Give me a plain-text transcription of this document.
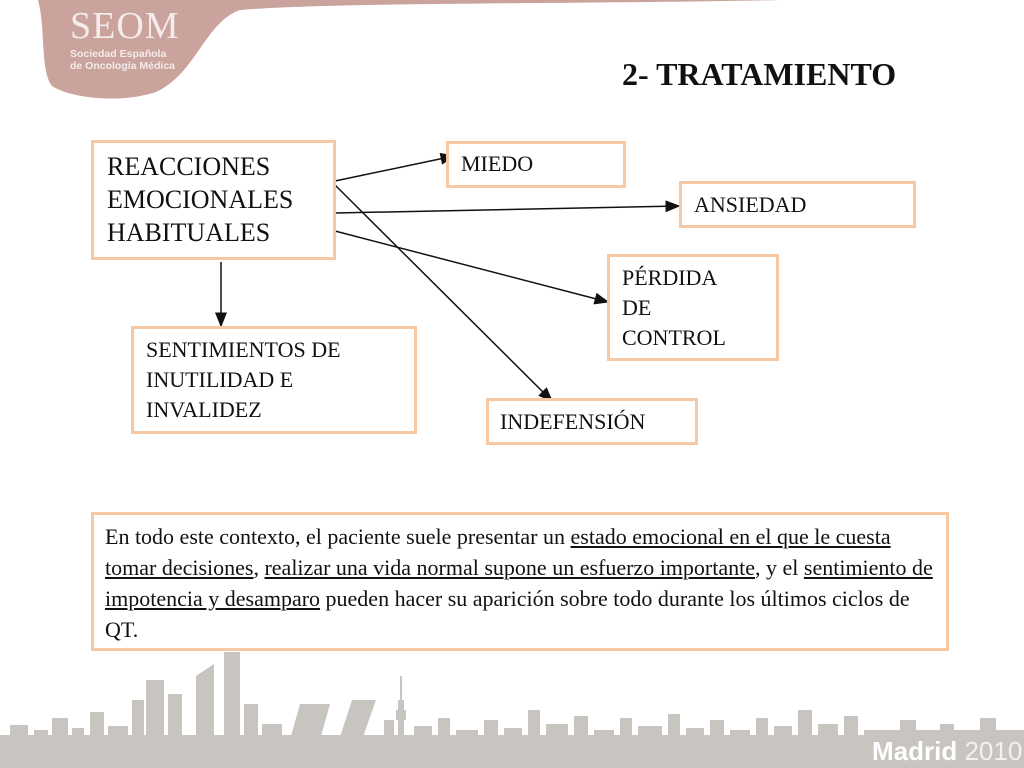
SEOM
Sociedad Española
de Oncología Médica	2- TRATAMIENTO
REACCIONES
EMOCIONALES
HABITUALES
MIEDO
ANSIEDAD
PÉRDIDA
DE
CONTROL
SENTIMIENTOS DE
INUTILIDAD E
INVALIDEZ	INDEFENSIÓN
En todo este contexto, el paciente suele presentar un estado emocional en el que le cuesta tomar decisiones, realizar una vida normal supone un esfuerzo importante, y el sentimiento de impotencia y desamparo pueden hacer su aparición sobre todo durante los últimos ciclos de QT.
Madrid 2010
